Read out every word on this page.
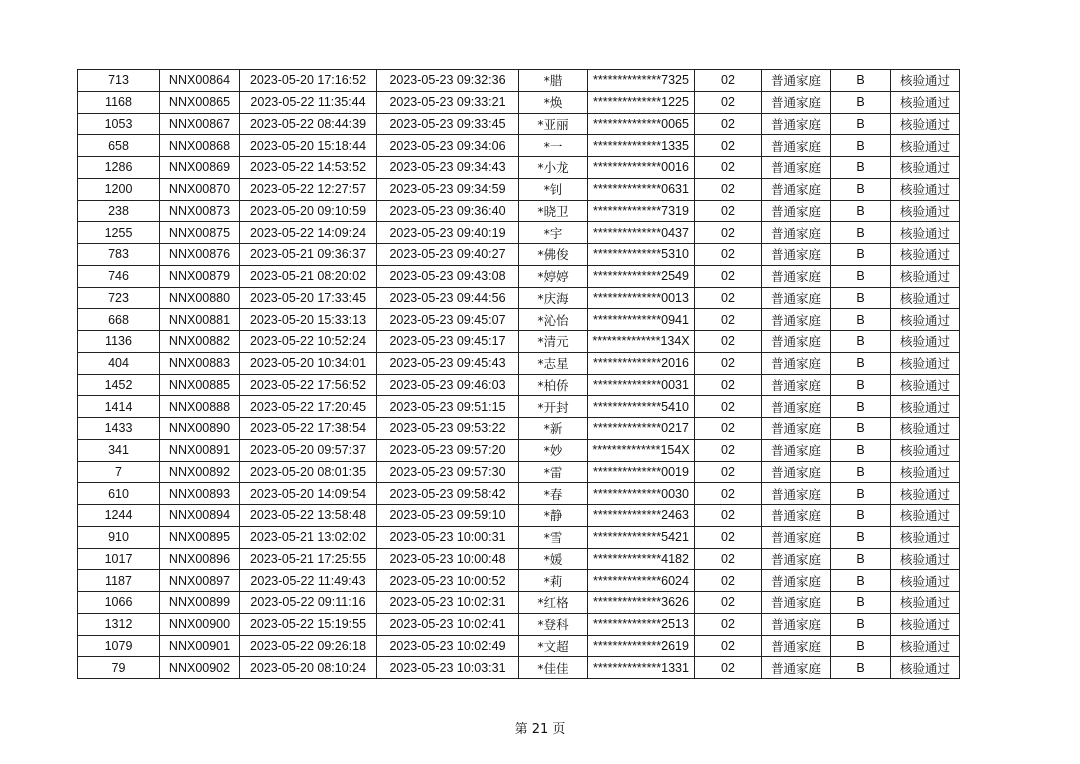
713	NNX00864	2023-05-20 17:16:52	2023-05-23 09:32:36	*腊	**************7325	02	普通家庭	B	核验通过
1168	NNX00865	2023-05-22 11:35:44	2023-05-23 09:33:21	*焕	**************1225	02	普通家庭	B	核验通过
1053	NNX00867	2023-05-22 08:44:39	2023-05-23 09:33:45	*亚丽	**************0065	02	普通家庭	B	核验通过
658	NNX00868	2023-05-20 15:18:44	2023-05-23 09:34:06	*一	**************1335	02	普通家庭	B	核验通过
1286	NNX00869	2023-05-22 14:53:52	2023-05-23 09:34:43	*小龙	**************0016	02	普通家庭	B	核验通过
1200	NNX00870	2023-05-22 12:27:57	2023-05-23 09:34:59	*钊	**************0631	02	普通家庭	B	核验通过
238	NNX00873	2023-05-20 09:10:59	2023-05-23 09:36:40	*晓卫	**************7319	02	普通家庭	B	核验通过
1255	NNX00875	2023-05-22 14:09:24	2023-05-23 09:40:19	*宇	**************0437	02	普通家庭	B	核验通过
783	NNX00876	2023-05-21 09:36:37	2023-05-23 09:40:27	*佛俊	**************5310	02	普通家庭	B	核验通过
746	NNX00879	2023-05-21 08:20:02	2023-05-23 09:43:08	*婷婷	**************2549	02	普通家庭	B	核验通过
723	NNX00880	2023-05-20 17:33:45	2023-05-23 09:44:56	*庆海	**************0013	02	普通家庭	B	核验通过
668	NNX00881	2023-05-20 15:33:13	2023-05-23 09:45:07	*沁怡	**************0941	02	普通家庭	B	核验通过
1136	NNX00882	2023-05-22 10:52:24	2023-05-23 09:45:17	*清元	**************134X	02	普通家庭	B	核验通过
404	NNX00883	2023-05-20 10:34:01	2023-05-23 09:45:43	*志星	**************2016	02	普通家庭	B	核验通过
1452	NNX00885	2023-05-22 17:56:52	2023-05-23 09:46:03	*柏侨	**************0031	02	普通家庭	B	核验通过
1414	NNX00888	2023-05-22 17:20:45	2023-05-23 09:51:15	*开封	**************5410	02	普通家庭	B	核验通过
1433	NNX00890	2023-05-22 17:38:54	2023-05-23 09:53:22	*新	**************0217	02	普通家庭	B	核验通过
341	NNX00891	2023-05-20 09:57:37	2023-05-23 09:57:20	*妙	**************154X	02	普通家庭	B	核验通过
7	NNX00892	2023-05-20 08:01:35	2023-05-23 09:57:30	*雷	**************0019	02	普通家庭	B	核验通过
610	NNX00893	2023-05-20 14:09:54	2023-05-23 09:58:42	*春	**************0030	02	普通家庭	B	核验通过
1244	NNX00894	2023-05-22 13:58:48	2023-05-23 09:59:10	*静	**************2463	02	普通家庭	B	核验通过
910	NNX00895	2023-05-21 13:02:02	2023-05-23 10:00:31	*雪	**************5421	02	普通家庭	B	核验通过
1017	NNX00896	2023-05-21 17:25:55	2023-05-23 10:00:48	*媛	**************4182	02	普通家庭	B	核验通过
1187	NNX00897	2023-05-22 11:49:43	2023-05-23 10:00:52	*莉	**************6024	02	普通家庭	B	核验通过
1066	NNX00899	2023-05-22 09:11:16	2023-05-23 10:02:31	*红格	**************3626	02	普通家庭	B	核验通过
1312	NNX00900	2023-05-22 15:19:55	2023-05-23 10:02:41	*登科	**************2513	02	普通家庭	B	核验通过
1079	NNX00901	2023-05-22 09:26:18	2023-05-23 10:02:49	*文超	**************2619	02	普通家庭	B	核验通过
79	NNX00902	2023-05-20 08:10:24	2023-05-23 10:03:31	*佳佳	**************1331	02	普通家庭	B	核验通过
第 21 页
